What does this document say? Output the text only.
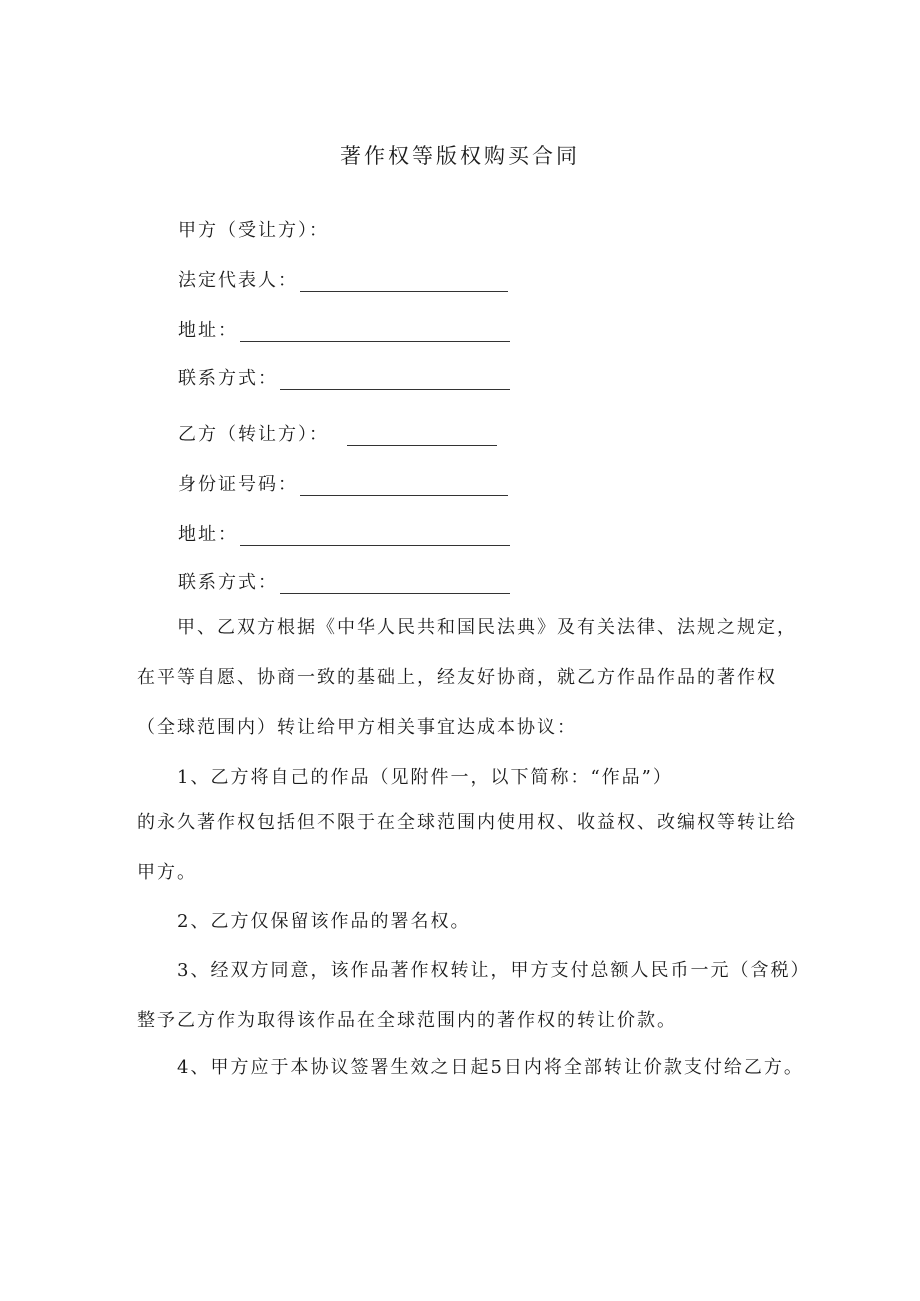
著作权等版权购买合同
甲方（受让方）：
法定代表人：
地址：
联系方式：
乙方（转让方）：
身份证号码：
地址：
联系方式：

甲、乙双方根据《中华人民共和国民法典》及有关法律、法规之规定，在平等自愿、协商一致的基础上，经友好协商，就乙方作品作品的著作权（全球范围内）转让给甲方相关事宜达成本协议：

1、乙方将自己的作品（见附件一，以下简称：“作品”）

的永久著作权包括但不限于在全球范围内使用权、收益权、改编权等转让给甲方。

2、乙方仅保留该作品的署名权。

3、经双方同意，该作品著作权转让，甲方支付总额人民币一元（含税）整予乙方作为取得该作品在全球范围内的著作权的转让价款。

4、甲方应于本协议签署生效之日起5日内将全部转让价款支付给乙方。
